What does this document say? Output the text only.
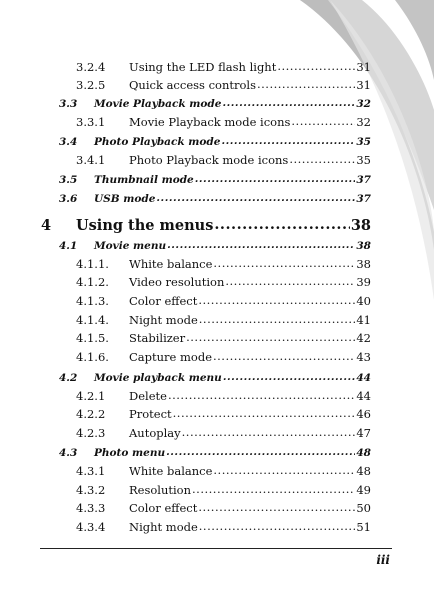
3.2.4	Using the LED flash light .....	31
3.2.5	Quick access controls .....	31
3.3	Movie Playback mode .....	32
3.3.1	Movie Playback mode icons .....	32
3.4	Photo Playback mode .....	35
3.4.1	Photo Playback mode icons .....	35
3.5	Thumbnail mode .....	37
3.6	USB mode .....	37
4	Using the menus .....	38
4.1	Movie menu .....	38
4.1.1.	White balance .....	38
4.1.2.	Video resolution .....	39
4.1.3.	Color effect .....	40
4.1.4.	Night mode .....	41
4.1.5.	Stabilizer .....	42
4.1.6.	Capture mode .....	43
4.2	Movie playback menu .....	44
4.2.1	Delete .....	44
4.2.2	Protect .....	46
4.2.3	Autoplay .....	47
4.3	Photo menu .....	48
4.3.1	White balance .....	48
4.3.2	Resolution .....	49
4.3.3	Color effect .....	50
4.3.4	Night mode .....	51
iii
